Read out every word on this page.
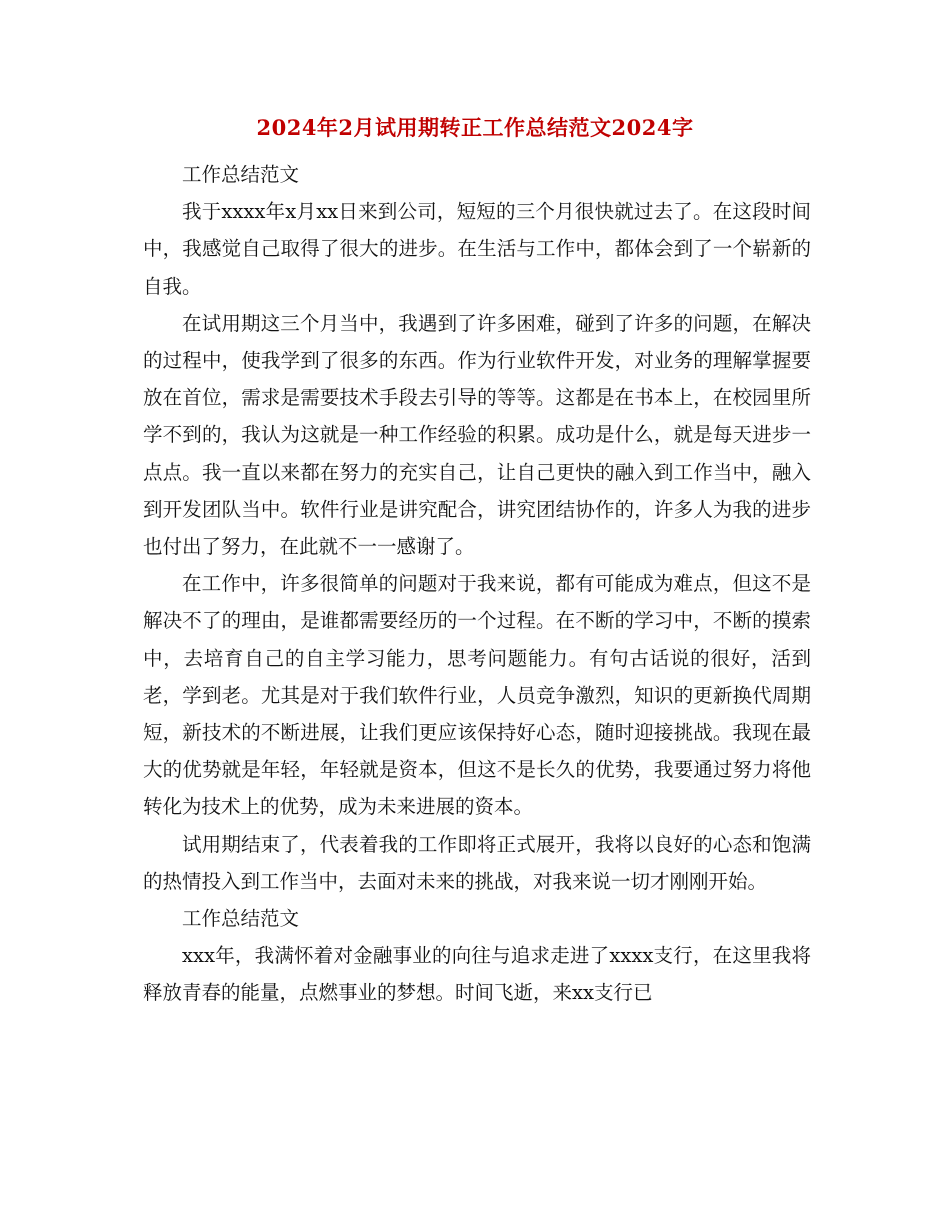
2024年2月试用期转正工作总结范文2024字

工作总结范文

我于xxxx年x月xx日来到公司，短短的三个月很快就过去了。在这段时间中，我感觉自己取得了很大的进步。在生活与工作中，都体会到了一个崭新的自我。

在试用期这三个月当中，我遇到了许多困难，碰到了许多的问题，在解决的过程中，使我学到了很多的东西。作为行业软件开发，对业务的理解掌握要放在首位，需求是需要技术手段去引导的等等。这都是在书本上，在校园里所学不到的，我认为这就是一种工作经验的积累。成功是什么，就是每天进步一点点。我一直以来都在努力的充实自己，让自己更快的融入到工作当中，融入到开发团队当中。软件行业是讲究配合，讲究团结协作的，许多人为我的进步也付出了努力，在此就不一一感谢了。

在工作中，许多很简单的问题对于我来说，都有可能成为难点，但这不是解决不了的理由，是谁都需要经历的一个过程。在不断的学习中，不断的摸索中，去培育自己的自主学习能力，思考问题能力。有句古话说的很好，活到老，学到老。尤其是对于我们软件行业，人员竞争激烈，知识的更新换代周期短，新技术的不断进展，让我们更应该保持好心态，随时迎接挑战。我现在最大的优势就是年轻，年轻就是资本，但这不是长久的优势，我要通过努力将他转化为技术上的优势，成为未来进展的资本。

试用期结束了，代表着我的工作即将正式展开，我将以良好的心态和饱满的热情投入到工作当中，去面对未来的挑战，对我来说一切才刚刚开始。

工作总结范文

xxx年，我满怀着对金融事业的向往与追求走进了xxxx支行，在这里我将释放青春的能量，点燃事业的梦想。时间飞逝，来xx支行已
